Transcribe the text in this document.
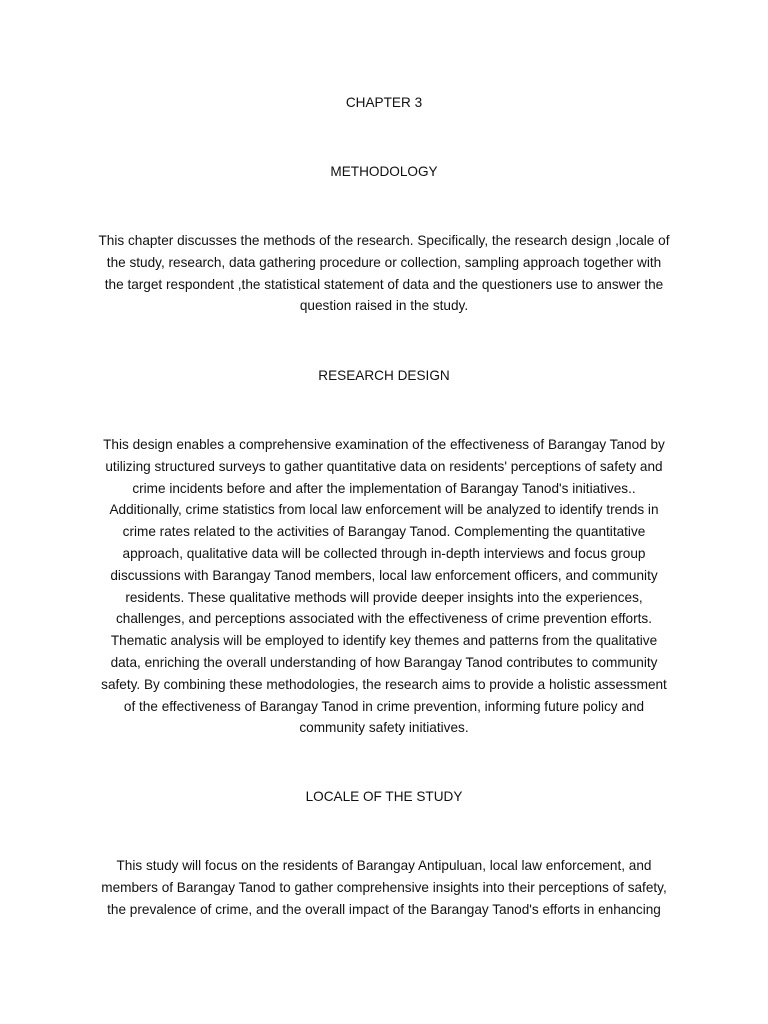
CHAPTER 3
METHODOLOGY
This chapter discusses the methods of the research. Specifically, the research design ,locale of
the study, research, data gathering procedure or collection, sampling approach together with
the target respondent ,the statistical statement of data and the questioners use to answer the
question raised in the study.
RESEARCH DESIGN
This design enables a comprehensive examination of the effectiveness of Barangay Tanod by
utilizing structured surveys to gather quantitative data on residents' perceptions of safety and
crime incidents before and after the implementation of Barangay Tanod's initiatives..
Additionally, crime statistics from local law enforcement will be analyzed to identify trends in
crime rates related to the activities of Barangay Tanod. Complementing the quantitative
approach, qualitative data will be collected through in-depth interviews and focus group
discussions with Barangay Tanod members, local law enforcement officers, and community
residents. These qualitative methods will provide deeper insights into the experiences,
challenges, and perceptions associated with the effectiveness of crime prevention efforts.
Thematic analysis will be employed to identify key themes and patterns from the qualitative
data, enriching the overall understanding of how Barangay Tanod contributes to community
safety. By combining these methodologies, the research aims to provide a holistic assessment
of the effectiveness of Barangay Tanod in crime prevention, informing future policy and
community safety initiatives.
LOCALE OF THE STUDY
This study will focus on the residents of Barangay Antipuluan, local law enforcement, and
members of Barangay Tanod to gather comprehensive insights into their perceptions of safety,
the prevalence of crime, and the overall impact of the Barangay Tanod's efforts in enhancing
